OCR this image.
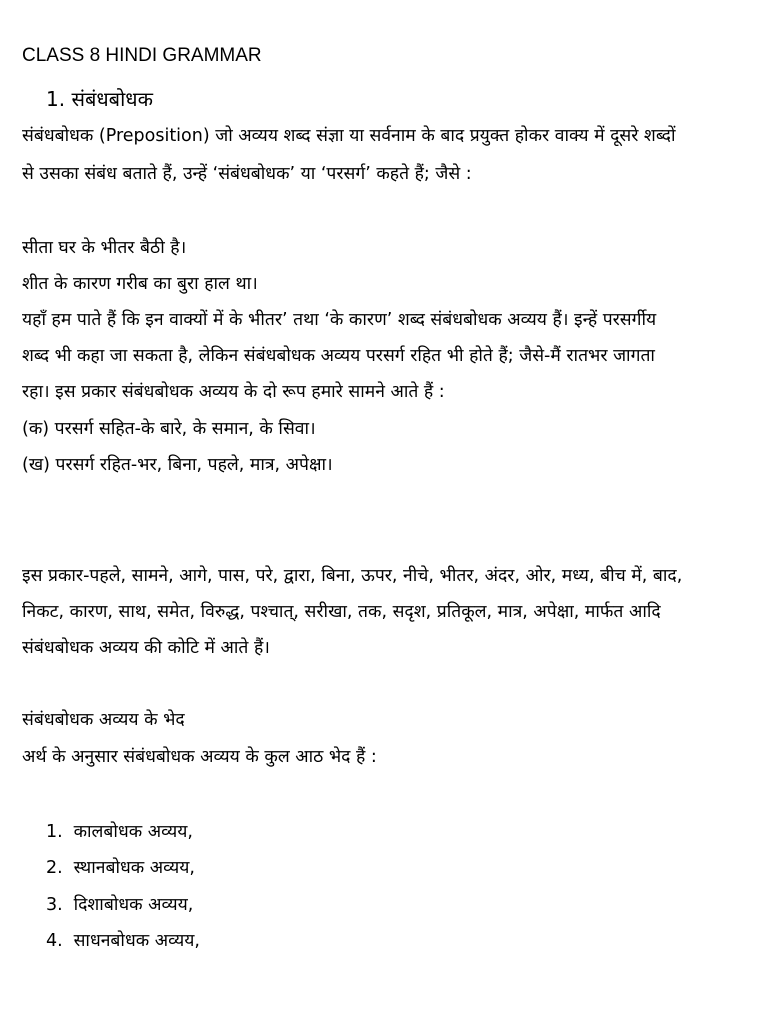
CLASS 8 HINDI GRAMMAR
1. संबंधबोधक
संबंधबोधक (Preposition) जो अव्यय शब्द संज्ञा या सर्वनाम के बाद प्रयुक्त होकर वाक्य में दूसरे शब्दों
से उसका संबंध बताते हैं, उन्हें ‘संबंधबोधक’ या ‘परसर्ग’ कहते हैं; जैसे :
सीता घर के भीतर बैठी है।
शीत के कारण गरीब का बुरा हाल था।
यहाँ हम पाते हैं कि इन वाक्यों में के भीतर’ तथा ‘के कारण’ शब्द संबंधबोधक अव्यय हैं। इन्हें परसर्गीय
शब्द भी कहा जा सकता है, लेकिन संबंधबोधक अव्यय परसर्ग रहित भी होते हैं; जैसे-मैं रातभर जागता
रहा। इस प्रकार संबंधबोधक अव्यय के दो रूप हमारे सामने आते हैं :
(क) परसर्ग सहित-के बारे, के समान, के सिवा।
(ख) परसर्ग रहित-भर, बिना, पहले, मात्र, अपेक्षा।
इस प्रकार-पहले, सामने, आगे, पास, परे, द्वारा, बिना, ऊपर, नीचे, भीतर, अंदर, ओर, मध्य, बीच में, बाद,
निकट, कारण, साथ, समेत, विरुद्ध, पश्चात्, सरीखा, तक, सदृश, प्रतिकूल, मात्र, अपेक्षा, मार्फत आदि
संबंधबोधक अव्यय की कोटि में आते हैं।
संबंधबोधक अव्यय के भेद
अर्थ के अनुसार संबंधबोधक अव्यय के कुल आठ भेद हैं :
1. कालबोधक अव्यय,
2. स्थानबोधक अव्यय,
3. दिशाबोधक अव्यय,
4. साधनबोधक अव्यय,
